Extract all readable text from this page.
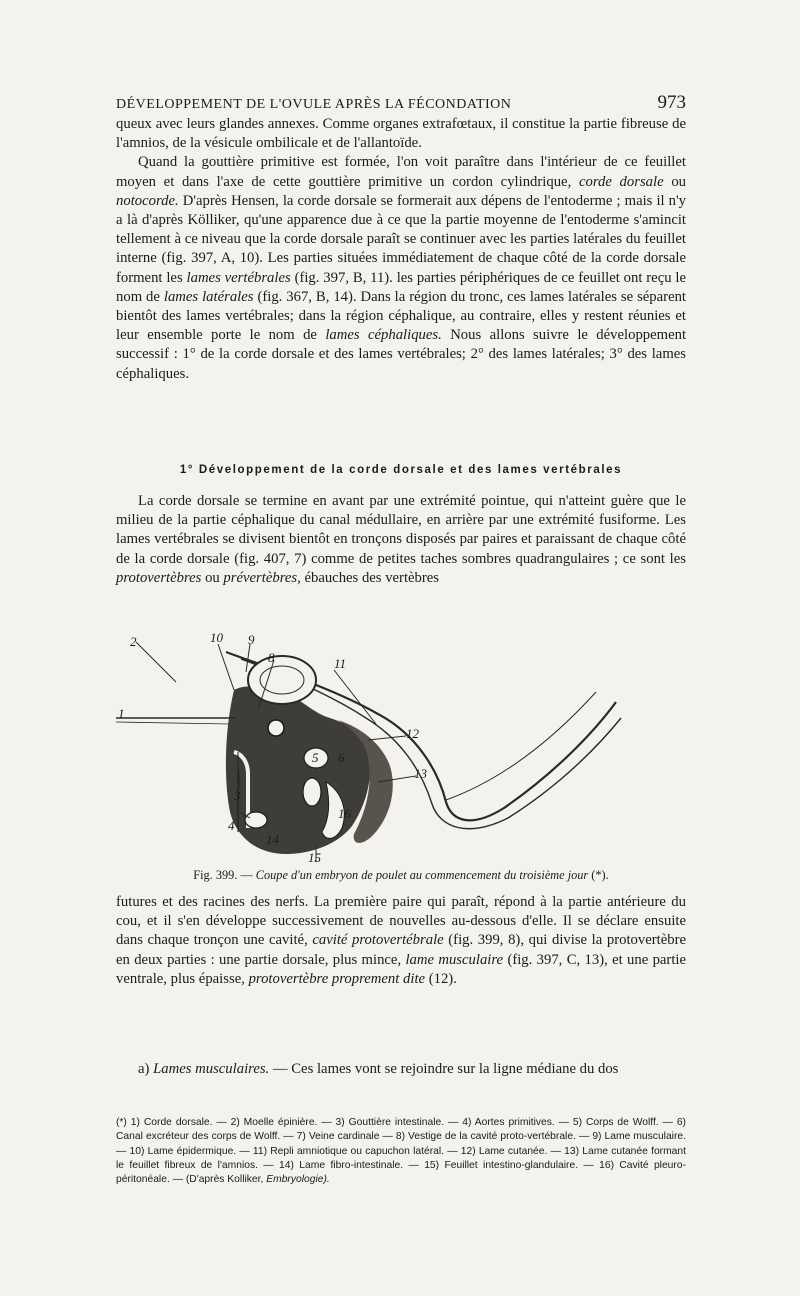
DÉVELOPPEMENT DE L'OVULE APRÈS LA FÉCONDATION	973

queux avec leurs glandes annexes. Comme organes extrafœtaux, il constitue la partie fibreuse de l'amnios, de la vésicule ombilicale et de l'allantoïde.

Quand la gouttière primitive est formée, l'on voit paraître dans l'intérieur de ce feuillet moyen et dans l'axe de cette gouttière primitive un cordon cylindrique, corde dorsale ou notocorde. D'après Hensen, la corde dorsale se formerait aux dépens de l'entoderme ; mais il n'y a là d'après Kölliker, qu'une apparence due à ce que la partie moyenne de l'entoderme s'amincit tellement à ce niveau que la corde dorsale paraît se continuer avec les parties latérales du feuillet interne (fig. 397, A, 10). Les parties situées immédiatement de chaque côté de la corde dorsale forment les lames vertébrales (fig. 397, B, 11). les parties périphériques de ce feuillet ont reçu le nom de lames latérales (fig. 367, B, 14). Dans la région du tronc, ces lames latérales se séparent bientôt des lames vertébrales; dans la région céphalique, au contraire, elles y restent réunies et leur ensemble porte le nom de lames céphaliques. Nous allons suivre le développement successif : 1° de la corde dorsale et des lames vertébrales; 2° des lames latérales; 3° des lames céphaliques.

1° Développement de la corde dorsale et des lames vertébrales

La corde dorsale se termine en avant par une extrémité pointue, qui n'atteint guère que le milieu de la partie céphalique du canal médullaire, en arrière par une extrémité fusiforme. Les lames vertébrales se divisent bientôt en tronçons disposés par paires et paraissant de chaque côté de la corde dorsale (fig. 407, 7) comme de petites taches sombres quadrangulaires ; ce sont les protovertèbres ou prévertèbres, ébauches des vertèbres

2	10 9
8	11
1
12
13
3
5 6
4
16
14
15
Fig. 399. — Coupe d'un embryon de poulet au commencement du troisième jour (*).

futures et des racines des nerfs. La première paire qui paraît, répond à la partie antérieure du cou, et il s'en développe successivement de nouvelles au-dessous d'elle. Il se déclare ensuite dans chaque tronçon une cavité, cavité protovertébrale (fig. 399, 8), qui divise la protovertèbre en deux parties : une partie dorsale, plus mince, lame musculaire (fig. 397, C, 13), et une partie ventrale, plus épaisse, protovertèbre proprement dite (12).

a) Lames musculaires. — Ces lames vont se rejoindre sur la ligne médiane du dos

(*) 1) Corde dorsale. — 2) Moelle épinière. — 3) Gouttière intestinale. — 4) Aortes primitives. — 5) Corps de Wolff. — 6) Canal excréteur des corps de Wolff. — 7) Veine cardinale — 8) Vestige de la cavité proto-vertébrale. — 9) Lame musculaire. — 10) Lame épidermique. — 11) Repli amniotique ou capuchon latéral. — 12) Lame cutanée. — 13) Lame cutanée formant le feuillet fibreux de l'amnios. — 14) Lame fibro-intestinale. — 15) Feuillet intestino-glandulaire. — 16) Cavité pleuro-péritonéale. — (D'après Kolliker, Embryologie).
